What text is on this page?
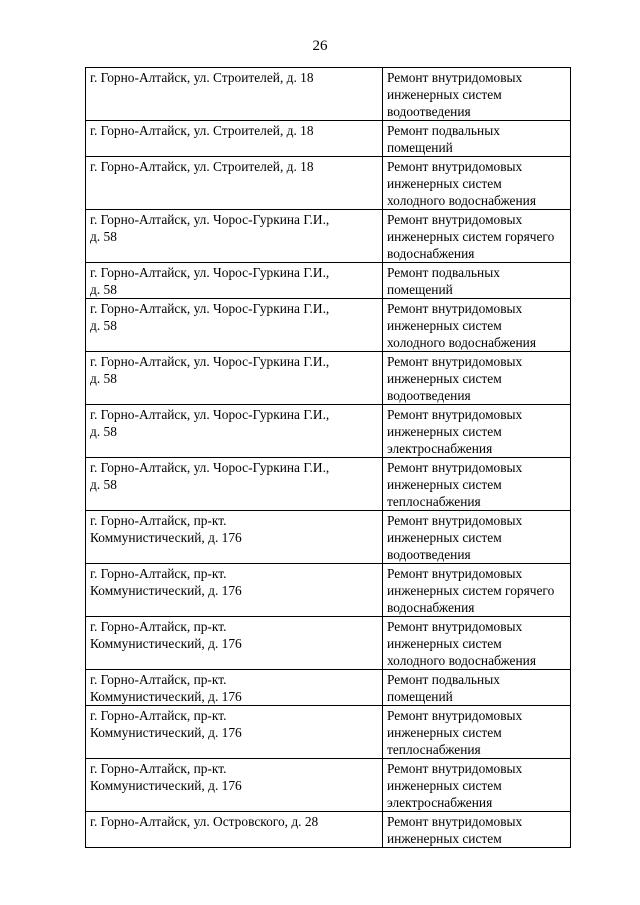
26
г. Горно-Алтайск, ул. Строителей, д. 18	Ремонт внутридомовых
инженерных систем
водоотведения
г. Горно-Алтайск, ул. Строителей, д. 18	Ремонт подвальных
помещений
г. Горно-Алтайск, ул. Строителей, д. 18	Ремонт внутридомовых
инженерных систем
холодного водоснабжения
г. Горно-Алтайск, ул. Чорос-Гуркина Г.И.,
д. 58	Ремонт внутридомовых
инженерных систем горячего
водоснабжения
г. Горно-Алтайск, ул. Чорос-Гуркина Г.И.,
д. 58	Ремонт подвальных
помещений
г. Горно-Алтайск, ул. Чорос-Гуркина Г.И.,
д. 58	Ремонт внутридомовых
инженерных систем
холодного водоснабжения
г. Горно-Алтайск, ул. Чорос-Гуркина Г.И.,
д. 58	Ремонт внутридомовых
инженерных систем
водоотведения
г. Горно-Алтайск, ул. Чорос-Гуркина Г.И.,
д. 58	Ремонт внутридомовых
инженерных систем
электроснабжения
г. Горно-Алтайск, ул. Чорос-Гуркина Г.И.,
д. 58	Ремонт внутридомовых
инженерных систем
теплоснабжения
г. Горно-Алтайск, пр-кт.
Коммунистический, д. 176	Ремонт внутридомовых
инженерных систем
водоотведения
г. Горно-Алтайск, пр-кт.
Коммунистический, д. 176	Ремонт внутридомовых
инженерных систем горячего
водоснабжения
г. Горно-Алтайск, пр-кт.
Коммунистический, д. 176	Ремонт внутридомовых
инженерных систем
холодного водоснабжения
г. Горно-Алтайск, пр-кт.
Коммунистический, д. 176	Ремонт подвальных
помещений
г. Горно-Алтайск, пр-кт.
Коммунистический, д. 176	Ремонт внутридомовых
инженерных систем
теплоснабжения
г. Горно-Алтайск, пр-кт.
Коммунистический, д. 176	Ремонт внутридомовых
инженерных систем
электроснабжения
г. Горно-Алтайск, ул. Островского, д. 28	Ремонт внутридомовых
инженерных систем
